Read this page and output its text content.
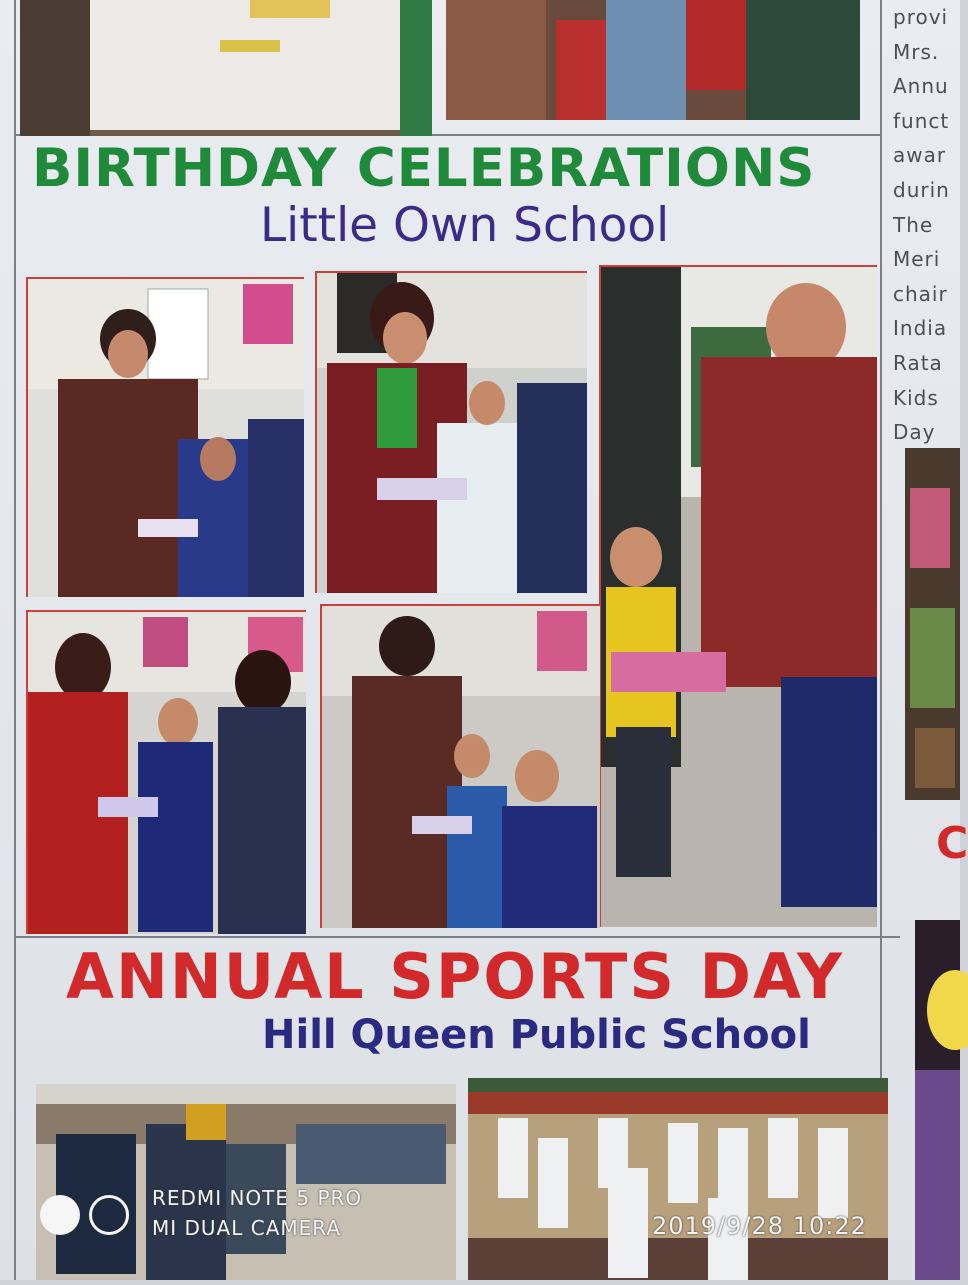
BIRTHDAY CELEBRATIONS
Little Own School
ANNUAL SPORTS DAY
Hill Queen Public School
provi
Mrs.
Annu
funct
awar
durin
The
Meri
chair
India
Rata
Kids
Day
C
REDMI NOTE 5 PRO
MI DUAL CAMERA	2019/9/28 10:22
